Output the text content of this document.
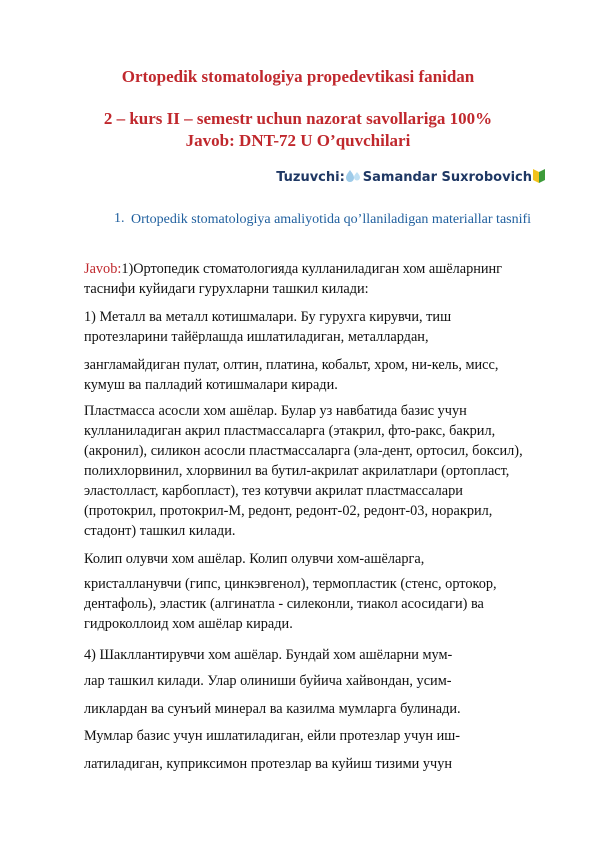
Ortopedik stomatologiya propedevtikasi fanidan
2 – kurs II – semestr uchun nazorat savollariga 100%
Javob: DNT-72 U O’quvchilari
Tuzuvchi: Samandar Suxrobovich
1. Ortopedik stomatologiya amaliyotida qo’llaniladigan materiallar tasnifi

Javob:1)Ортопедик стоматологияда кулланиладиган хом ашёларнинг таснифи куйидаги гурухларни ташкил килади:

1) Металл ва металл котишмалари. Бу гурухга кирувчи, тиш протезларини тайёрлашда ишлатиладиган, металлардан,

зангламайдиган пулат, олтин, платина, кобальт, хром, ни-кель, мисс, кумуш ва палладий котишмалари киради.

Пластмасса асосли хом ашёлар. Булар уз навбатида базис учун кулланиладиган акрил пластмассаларга (этакрил, фто-ракс, бакрил, (акронил), силикон асосли пластмассаларга (эла-дент, ортосил, боксил), полихлорвинил, хлорвинил ва бутил-акрилат акрилатлари (ортопласт, эластолласт, карбопласт), тез котувчи акрилат пластмассалари (протокрил, протокрил-М, редонт, редонт-02, редонт-03, норакрил, стадонт) ташкил килади.

Колип олувчи хом ашёлар. Колип олувчи хом-ашёларга,

кристалланувчи (гипс, цинкэвгенол), термопластик (стенс, ортокор, дентафоль), эластик (алгинатла - силеконли, тиакол асосидаги) ва гидроколлоид хом ашёлар киради.

4) Шакллантирувчи хом ашёлар. Бундай хом ашёларни мум-

лар ташкил килади. Улар олиниши буйича хайвондан, усим-

ликлардан ва сунъий минерал ва казилма мумларга булинади.

Мумлар базис учун ишлатиладиган, ейли протезлар учун иш-

латиладиган, куприксимон протезлар ва куйиш тизими учун
